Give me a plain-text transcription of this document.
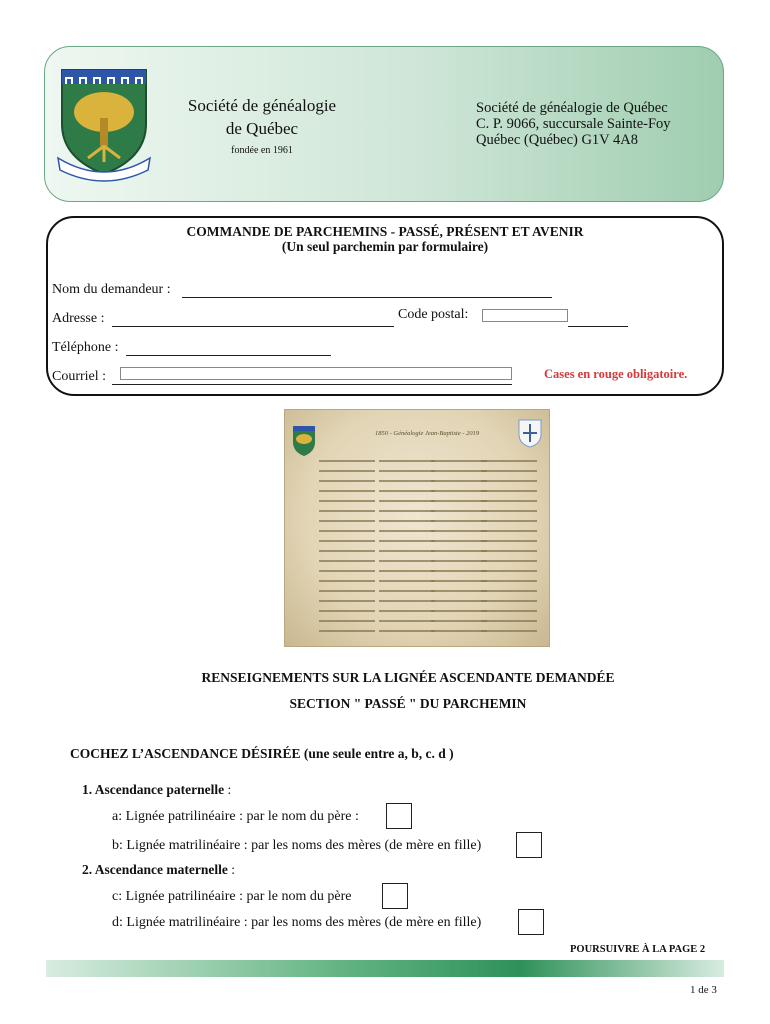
Société de généalogie
de Québec
fondée en 1961
Société de généalogie de Québec
C. P. 9066, succursale Sainte-Foy
Québec (Québec) G1V 4A8
COMMANDE DE PARCHEMINS - PASSÉ, PRÉSENT ET AVENIR
(Un seul parchemin par formulaire)
Nom du demandeur :
Adresse :	Code postal:
Téléphone :
Courriel :	Cases en rouge obligatoire.
1850 - Généalogie Jean-Baptiste - 2019
RENSEIGNEMENTS SUR LA LIGNÉE ASCENDANTE DEMANDÉE
SECTION " PASSÉ " DU PARCHEMIN
COCHEZ L’ASCENDANCE DÉSIRÉE (une seule entre a, b, c. d )
1. Ascendance paternelle :
a: Lignée patrilinéaire : par le nom du père :
b: Lignée matrilinéaire : par les noms des mères (de mère en fille)
2. Ascendance maternelle :
c: Lignée patrilinéaire : par le nom du père
d: Lignée matrilinéaire : par les noms des mères (de mère en fille)
POURSUIVRE À LA PAGE 2
1 de 3
